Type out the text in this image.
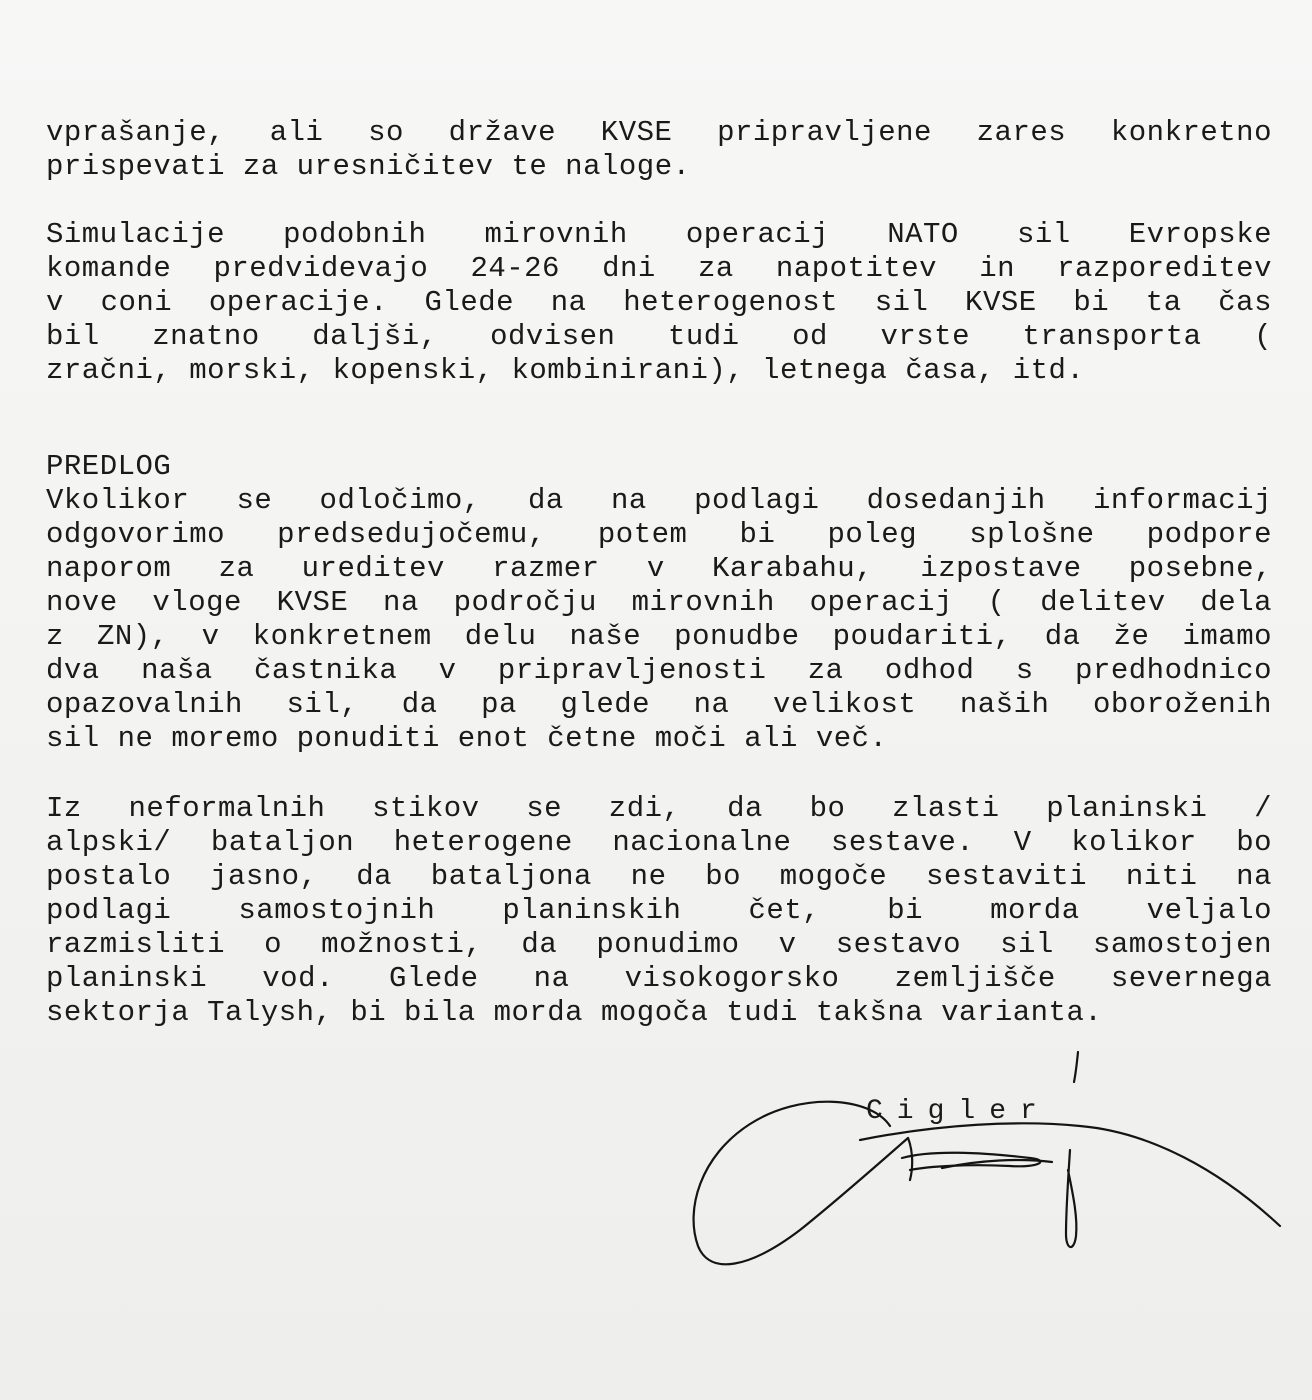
vprašanje, ali so države KVSE pripravljene zares konkretno
prispevati za uresničitev te naloge.
Simulacije podobnih mirovnih operacij NATO sil Evropske
komande predvidevajo 24-26 dni za napotitev in razporeditev
v coni operacije. Glede na heterogenost sil KVSE bi ta čas
bil znatno daljši, odvisen tudi od vrste transporta (
zračni, morski, kopenski, kombinirani), letnega časa, itd.
PREDLOG
Vkolikor se odločimo, da na podlagi dosedanjih informacij
odgovorimo predsedujočemu, potem bi poleg splošne podpore
naporom za ureditev razmer v Karabahu, izpostave posebne,
nove vloge KVSE na področju mirovnih operacij ( delitev dela
z ZN), v konkretnem delu naše ponudbe poudariti, da že imamo
dva naša častnika v pripravljenosti za odhod s predhodnico
opazovalnih sil, da pa glede na velikost naših oboroženih
sil ne moremo ponuditi enot četne moči ali več.
Iz neformalnih stikov se zdi, da bo zlasti planinski /
alpski/ bataljon heterogene nacionalne sestave. V kolikor bo
postalo jasno, da bataljona ne bo mogoče sestaviti niti na
podlagi samostojnih planinskih čet, bi morda veljalo
razmisliti o možnosti, da ponudimo v sestavo sil samostojen
planinski vod. Glede na visokogorsko zemljišče severnega
sektorja Talysh, bi bila morda mogoča tudi takšna varianta.
Cigler
